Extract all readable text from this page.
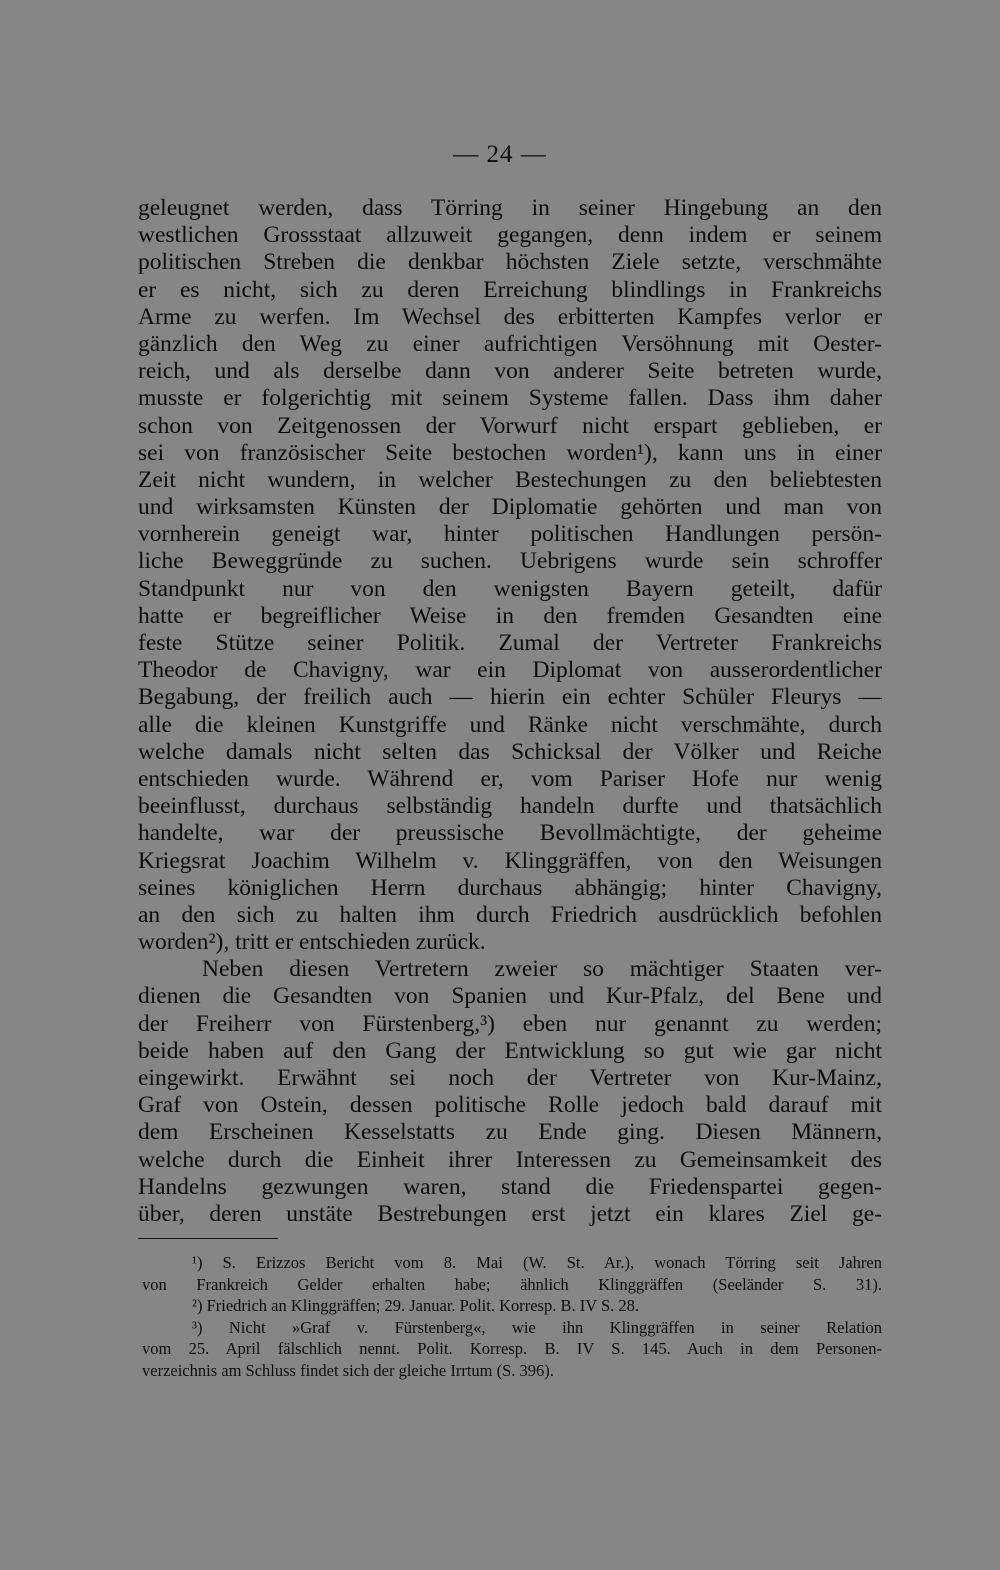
— 24 —
geleugnet werden, dass Törring in seiner Hingebung an den
westlichen Grossstaat allzuweit gegangen, denn indem er seinem
politischen Streben die denkbar höchsten Ziele setzte, verschmähte
er es nicht, sich zu deren Erreichung blindlings in Frankreichs
Arme zu werfen. Im Wechsel des erbitterten Kampfes verlor er
gänzlich den Weg zu einer aufrichtigen Versöhnung mit Oester-
reich, und als derselbe dann von anderer Seite betreten wurde,
musste er folgerichtig mit seinem Systeme fallen. Dass ihm daher
schon von Zeitgenossen der Vorwurf nicht erspart geblieben, er
sei von französischer Seite bestochen worden¹), kann uns in einer
Zeit nicht wundern, in welcher Bestechungen zu den beliebtesten
und wirksamsten Künsten der Diplomatie gehörten und man von
vornherein geneigt war, hinter politischen Handlungen persön-
liche Beweggründe zu suchen. Uebrigens wurde sein schroffer
Standpunkt nur von den wenigsten Bayern geteilt, dafür
hatte er begreiflicher Weise in den fremden Gesandten eine
feste Stütze seiner Politik. Zumal der Vertreter Frankreichs
Theodor de Chavigny, war ein Diplomat von ausserordentlicher
Begabung, der freilich auch — hierin ein echter Schüler Fleurys —
alle die kleinen Kunstgriffe und Ränke nicht verschmähte, durch
welche damals nicht selten das Schicksal der Völker und Reiche
entschieden wurde. Während er, vom Pariser Hofe nur wenig
beeinflusst, durchaus selbständig handeln durfte und thatsächlich
handelte, war der preussische Bevollmächtigte, der geheime
Kriegsrat Joachim Wilhelm v. Klinggräffen, von den Weisungen
seines königlichen Herrn durchaus abhängig; hinter Chavigny,
an den sich zu halten ihm durch Friedrich ausdrücklich befohlen
worden²), tritt er entschieden zurück.
Neben diesen Vertretern zweier so mächtiger Staaten ver-
dienen die Gesandten von Spanien und Kur-Pfalz, del Bene und
der Freiherr von Fürstenberg,³) eben nur genannt zu werden;
beide haben auf den Gang der Entwicklung so gut wie gar nicht
eingewirkt. Erwähnt sei noch der Vertreter von Kur-Mainz,
Graf von Ostein, dessen politische Rolle jedoch bald darauf mit
dem Erscheinen Kesselstatts zu Ende ging. Diesen Männern,
welche durch die Einheit ihrer Interessen zu Gemeinsamkeit des
Handelns gezwungen waren, stand die Friedenspartei gegen-
über, deren unstäte Bestrebungen erst jetzt ein klares Ziel ge-
¹) S. Erizzos Bericht vom 8. Mai (W. St. Ar.), wonach Törring seit Jahren
von Frankreich Gelder erhalten habe; ähnlich Klinggräffen (Seeländer S. 31).
²) Friedrich an Klinggräffen; 29. Januar. Polit. Korresp. B. IV S. 28.
³) Nicht »Graf v. Fürstenberg«, wie ihn Klinggräffen in seiner Relation
vom 25. April fälschlich nennt. Polit. Korresp. B. IV S. 145. Auch in dem Personen-
verzeichnis am Schluss findet sich der gleiche Irrtum (S. 396).
